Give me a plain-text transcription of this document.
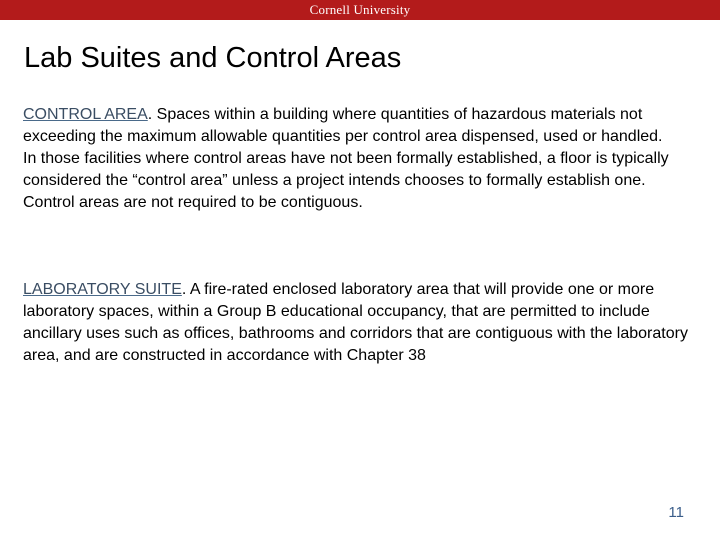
Cornell University
Lab Suites and Control Areas

CONTROL AREA. Spaces within a building where quantities of hazardous materials not exceeding the maximum allowable quantities per control area dispensed, used or handled.

In those facilities where control areas have not been formally established, a floor is typically considered the “control area” unless a project intends chooses to formally establish one.

Control areas are not required to be contiguous.

LABORATORY SUITE. A fire-rated enclosed laboratory area that will provide one or more laboratory spaces, within a Group B educational occupancy, that are permitted to include ancillary uses such as offices, bathrooms and corridors that are contiguous with the laboratory area, and are constructed in accordance with Chapter 38

11
